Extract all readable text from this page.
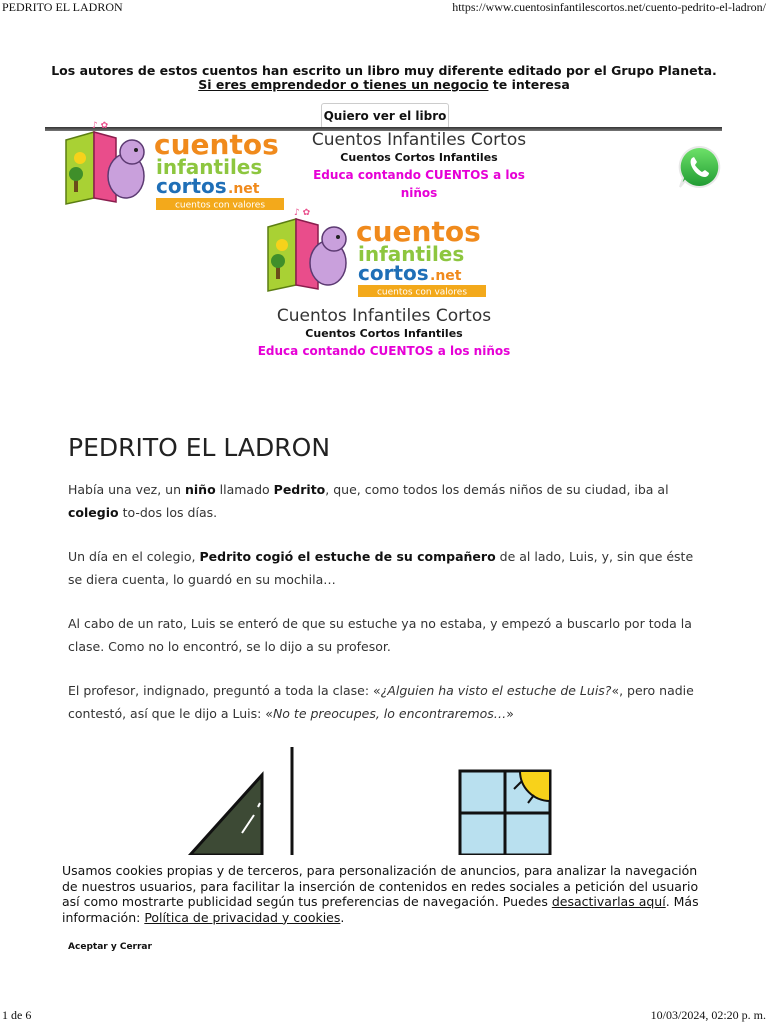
PEDRITO EL LADRON	https://www.cuentosinfantilescortos.net/cuento-pedrito-el-ladron/
Los autores de estos cuentos han escrito un libro muy diferente editado por el Grupo Planeta. Si eres emprendedor o tienes un negocio te interesa
Quiero ver el libro
♪ ✿
cuentos
infantiles
cortos .net
cuentos con valores
Cuentos Infantiles Cortos
Cuentos Cortos Infantiles
Educa contando CUENTOS a los niños
♪ ✿
cuentos
infantiles
cortos .net
cuentos con valores
Cuentos Infantiles Cortos
Cuentos Cortos Infantiles
Educa contando CUENTOS a los niños
PEDRITO EL LADRON
Había una vez, un niño llamado Pedrito, que, como todos los demás niños de su ciudad, iba al colegio to-dos los días.
Un día en el colegio, Pedrito cogió el estuche de su compañero de al lado, Luis, y, sin que éste se diera cuenta, lo guardó en su mochila…
Al cabo de un rato, Luis se enteró de que su estuche ya no estaba, y empezó a buscarlo por toda la clase. Como no lo encontró, se lo dijo a su profesor.
El profesor, indignado, preguntó a toda la clase: «¿Alguien ha visto el estuche de Luis?«, pero nadie contestó, así que le dijo a Luis: «No te preocupes, lo encontraremos…»
Usamos cookies propias y de terceros, para personalización de anuncios, para analizar la navegación de nuestros usuarios, para facilitar la inserción de contenidos en redes sociales a petición del usuario así como mostrarte publicidad según tus preferencias de navegación. Puedes desactivarlas aquí. Más información: Política de privacidad y cookies.
Aceptar y Cerrar
1 de 6	10/03/2024, 02:20 p. m.
